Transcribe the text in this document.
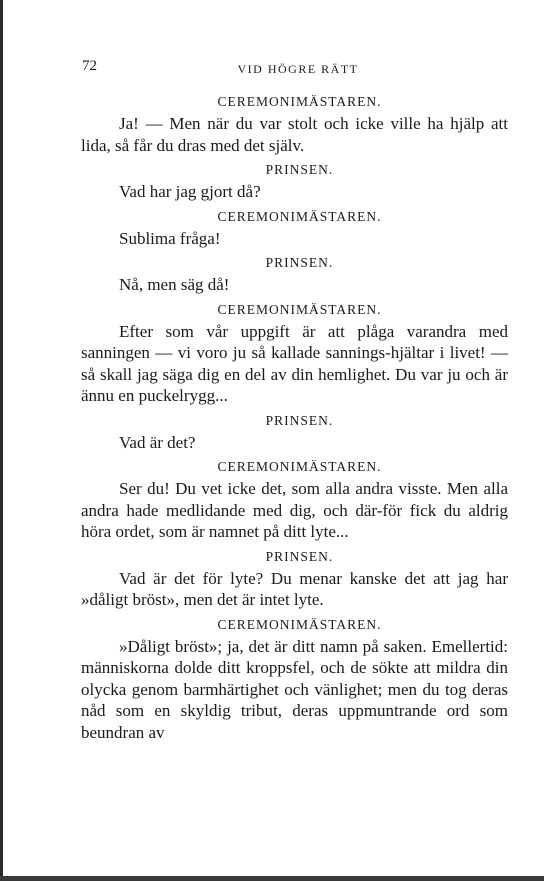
72	VID HÖGRE RÄTT
CEREMONIMÄSTAREN.

Ja! — Men när du var stolt och icke ville ha hjälp att lida, så får du dras med det själv.

PRINSEN.

Vad har jag gjort då?

CEREMONIMÄSTAREN.

Sublima fråga!

PRINSEN.

Nå, men säg då!

CEREMONIMÄSTAREN.

Efter som vår uppgift är att plåga varandra med sanningen — vi voro ju så kallade sannings-hjältar i livet! — så skall jag säga dig en del av din hemlighet. Du var ju och är ännu en puckelrygg...

PRINSEN.

Vad är det?

CEREMONIMÄSTAREN.

Ser du! Du vet icke det, som alla andra visste. Men alla andra hade medlidande med dig, och där-för fick du aldrig höra ordet, som är namnet på ditt lyte...

PRINSEN.

Vad är det för lyte? Du menar kanske det att jag har »dåligt bröst», men det är intet lyte.

CEREMONIMÄSTAREN.

»Dåligt bröst»; ja, det är ditt namn på saken. Emellertid: människorna dolde ditt kroppsfel, och de sökte att mildra din olycka genom barmhärtighet och vänlighet; men du tog deras nåd som en skyldig tribut, deras uppmuntrande ord som beundran av
